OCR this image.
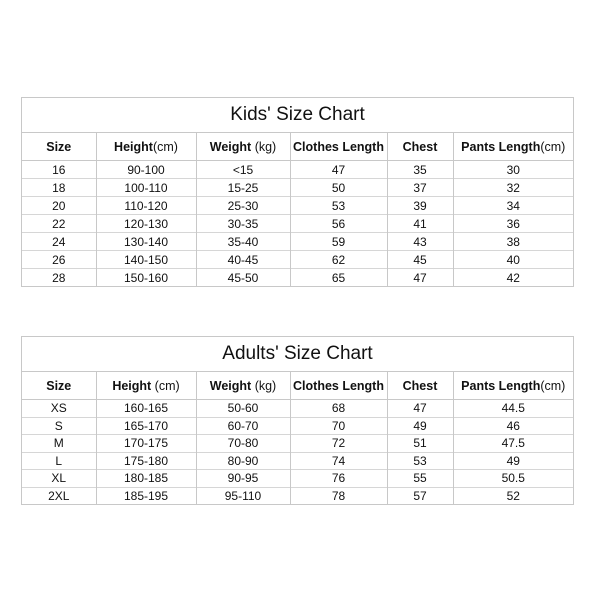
Kids' Size Chart
Size	Height(cm)	Weight (kg)	Clothes Length	Chest	Pants Length(cm)
16	90-100	<15	47	35	30
18	100-110	15-25	50	37	32
20	110-120	25-30	53	39	34
22	120-130	30-35	56	41	36
24	130-140	35-40	59	43	38
26	140-150	40-45	62	45	40
28	150-160	45-50	65	47	42
Adults' Size Chart
Size	Height (cm)	Weight (kg)	Clothes Length	Chest	Pants Length(cm)
XS	160-165	50-60	68	47	44.5
S	165-170	60-70	70	49	46
M	170-175	70-80	72	51	47.5
L	175-180	80-90	74	53	49
XL	180-185	90-95	76	55	50.5
2XL	185-195	95-110	78	57	52
